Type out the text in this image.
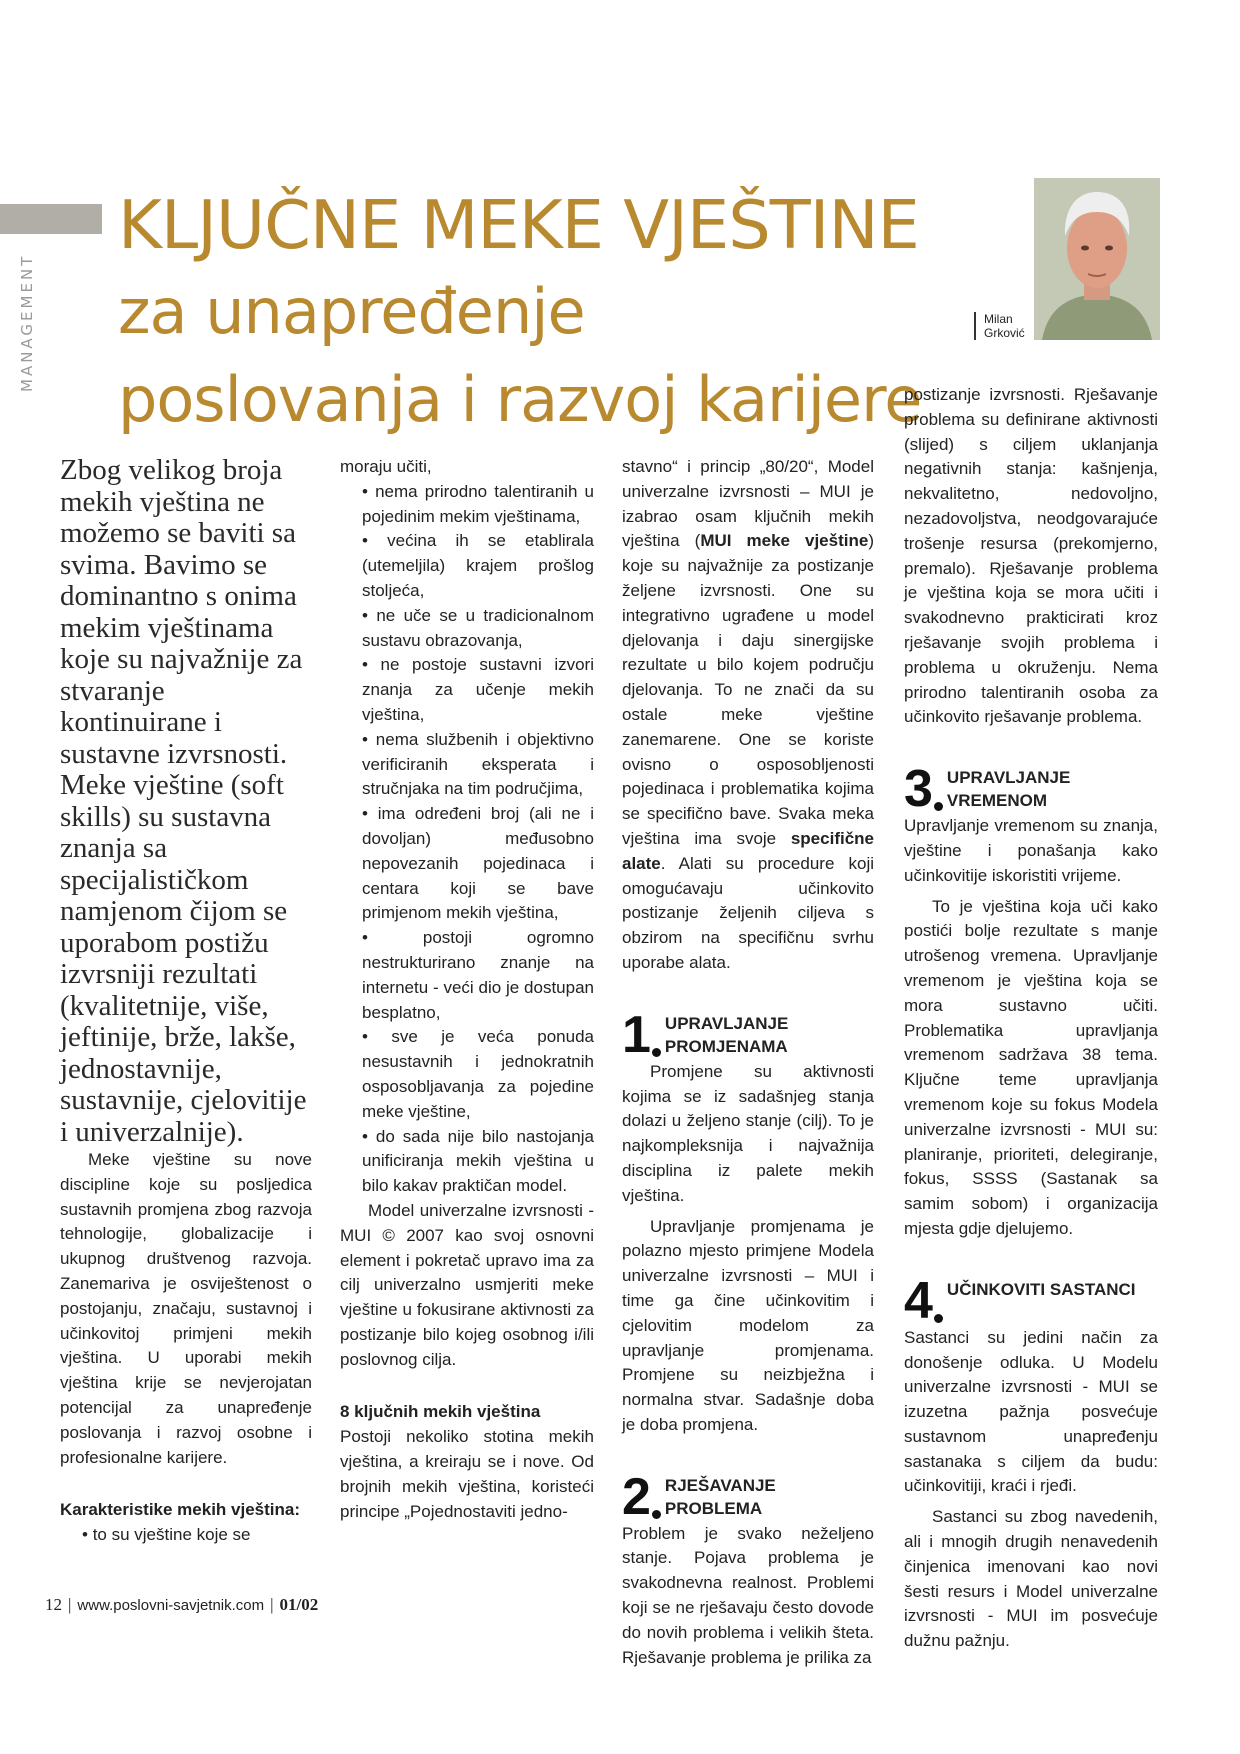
MANAGEMENT
KLJUČNE MEKE VJEŠTINE
za unapređenje
poslovanja i razvoj karijere
Milan
Grković

Zbog velikog broja mekih vještina ne možemo se baviti sa svima. Bavimo se dominantno s onima mekim vještinama koje su najvažnije za stvaranje kontinuirane i sustavne izvrsnosti. Meke vještine (soft skills) su sustavna znanja sa specijalističkom namjenom čijom se uporabom postižu izvrsniji rezultati (kvalitetnije, više, jeftinije, brže, lakše, jednostavnije, sustavnije, cjelovitije i univerzalnije).

Meke vještine su nove discipline koje su posljedica sustavnih promjena zbog razvoja tehnologije, globalizacije i ukupnog društvenog razvoja. Zanemariva je osviještenost o postojanju, značaju, sustavnoj i učinkovitoj primjeni mekih vještina. U uporabi mekih vještina krije se nevjerojatan potencijal za unapređenje poslovanja i razvoj osobne i profesionalne karijere.

Karakteristike mekih vještina:

• to su vještine koje se

moraju učiti,

• nema prirodno talentiranih u pojedinim mekim vještinama,

• većina ih se etablirala (utemeljila) krajem prošlog stoljeća,

• ne uče se u tradicionalnom sustavu obrazovanja,

• ne postoje sustavni izvori znanja za učenje mekih vještina,

• nema službenih i objektivno verificiranih eksperata i stručnjaka na tim područjima,

• ima određeni broj (ali ne i dovoljan) međusobno nepovezanih pojedinaca i centara koji se bave primjenom mekih vještina,

• postoji ogromno nestrukturirano znanje na internetu - veći dio je dostupan besplatno,

• sve je veća ponuda nesustavnih i jednokratnih osposobljavanja za pojedine meke vještine,

• do sada nije bilo nastojanja unificiranja mekih vještina u bilo kakav praktičan model.

Model univerzalne izvrsnosti - MUI © 2007 kao svoj osnovni element i pokretač upravo ima za cilj univerzalno usmjeriti meke vještine u fokusirane aktivnosti za postizanje bilo kojeg osobnog i/ili poslovnog cilja.

8 ključnih mekih vještina

Postoji nekoliko stotina mekih vještina, a kreiraju se i nove. Od brojnih mekih vještina, koristeći principe „Pojednostaviti jedno-

stavno“ i princip „80/20“, Model univerzalne izvrsnosti – MUI je izabrao osam ključnih mekih vještina (MUI meke vještine) koje su najvažnije za postizanje željene izvrsnosti. One su integrativno ugrađene u model djelovanja i daju sinergijske rezultate u bilo kojem području djelovanja. To ne znači da su ostale meke vještine zanemarene. One se koriste ovisno o osposobljenosti pojedinaca i problematika kojima se specifično bave. Svaka meka vještina ima svoje specifične alate. Alati su procedure koji omogućavaju učinkovito postizanje željenih ciljeva s obzirom na specifičnu svrhu uporabe alata.

1 UPRAVLJANJE
PROMJENAMA

Promjene su aktivnosti kojima se iz sadašnjeg stanja dolazi u željeno stanje (cilj). To je najkompleksnija i najvažnija disciplina iz palete mekih vještina.

Upravljanje promjenama je polazno mjesto primjene Modela univerzalne izvrsnosti – MUI i time ga čine učinkovitim i cjelovitim modelom za upravljanje promjenama. Promjene su neizbježna i normalna stvar. Sadašnje doba je doba promjena.

2 RJEŠAVANJE
PROBLEMA

Problem je svako neželjeno stanje. Pojava problema je svakodnevna realnost. Problemi koji se ne rješavaju često dovode do novih problema i velikih šteta. Rješavanje problema je prilika za

postizanje izvrsnosti. Rješavanje problema su definirane aktivnosti (slijed) s ciljem uklanjanja negativnih stanja: kašnjenja, nekvalitetno, nedovoljno, nezadovoljstva, neodgovarajuće trošenje resursa (prekomjerno, premalo). Rješavanje problema je vještina koja se mora učiti i svakodnevno prakticirati kroz rješavanje svojih problema i problema u okruženju. Nema prirodno talentiranih osoba za učinkovito rješavanje problema.

3 UPRAVLJANJE
VREMENOM

Upravljanje vremenom su znanja, vještine i ponašanja kako učinkovitije iskoristiti vrijeme.

To je vještina koja uči kako postići bolje rezultate s manje utrošenog vremena. Upravljanje vremenom je vještina koja se mora sustavno učiti. Problematika upravljanja vremenom sadržava 38 tema. Ključne teme upravljanja vremenom koje su fokus Modela univerzalne izvrsnosti - MUI su: planiranje, prioriteti, delegiranje, fokus, SSSS (Sastanak sa samim sobom) i organizacija mjesta gdje djelujemo.

4 UČINKOVITI SASTANCI

Sastanci su jedini način za donošenje odluka. U Modelu univerzalne izvrsnosti - MUI se izuzetna pažnja posvećuje sustavnom unapređenju sastanaka s ciljem da budu: učinkovitiji, kraći i rjeđi.

Sastanci su zbog navedenih, ali i mnogih drugih nenavedenih činjenica imenovani kao novi šesti resurs i Model univerzalne izvrsnosti - MUI im posvećuje dužnu pažnju.

12 | www.poslovni-savjetnik.com | 01/02
